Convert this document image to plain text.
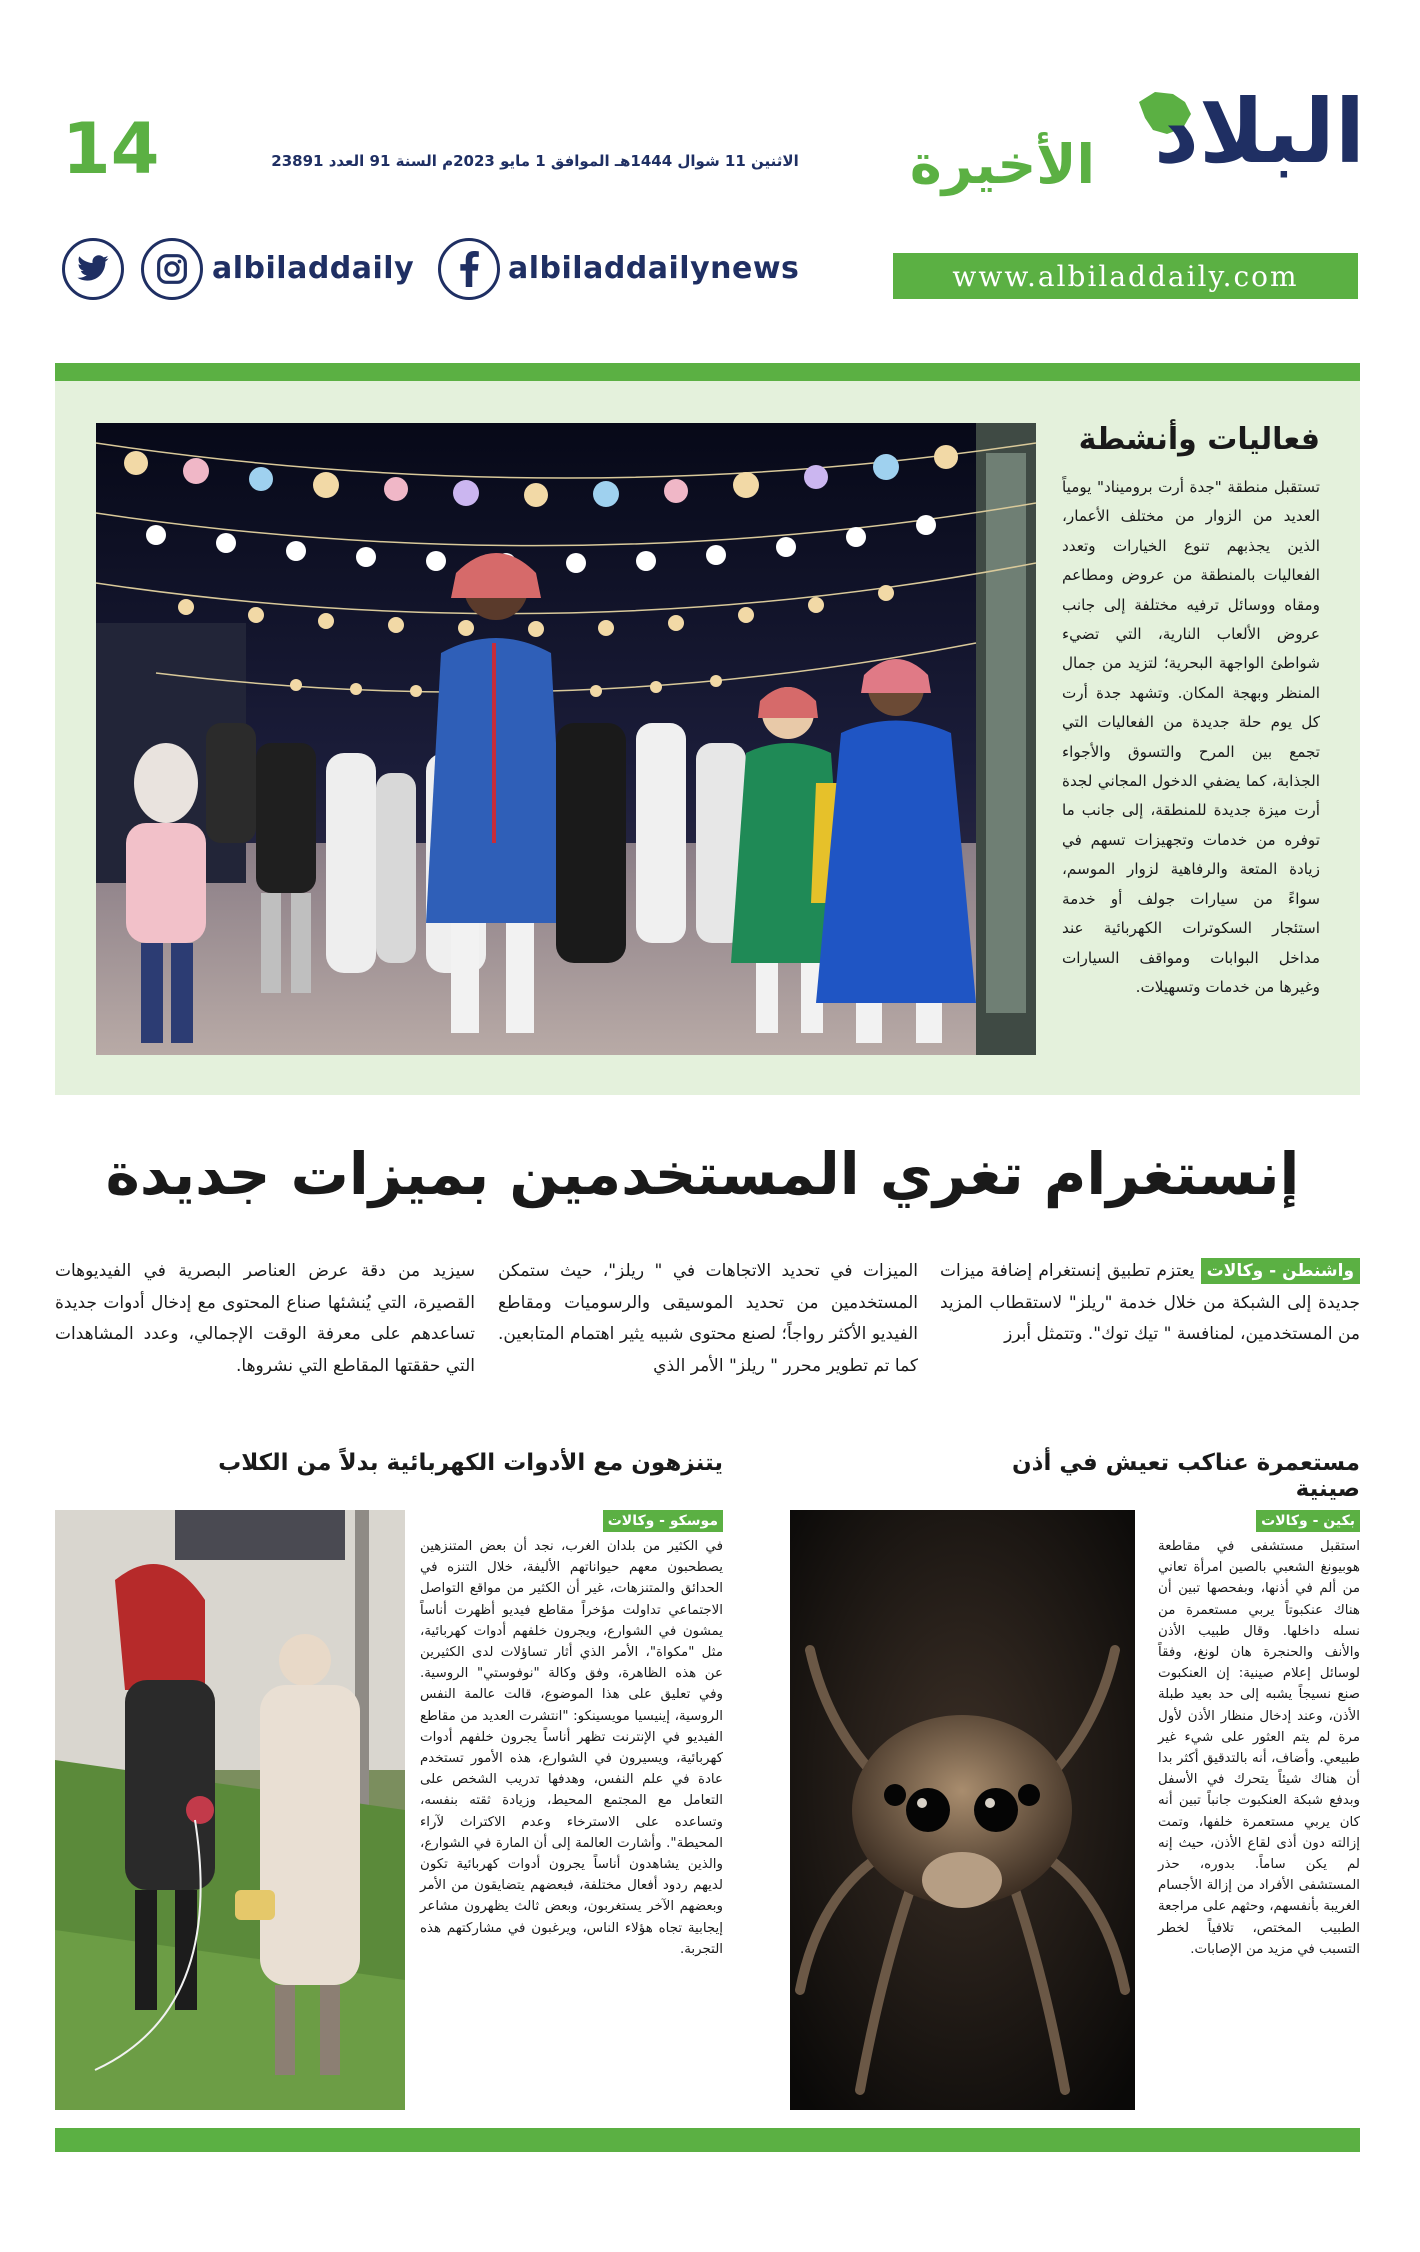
14	الاثنين 11 شوال 1444هـ الموافق 1 مايو 2023م السنة 91 العدد 23891	البلاد
الأخيرة
albiladdaily	albiladdailynews	www.albiladdaily.com
فعاليات وأنشطة
تستقبل منطقة "جدة أرت بروميناد" يومياً العديد من الزوار من مختلف الأعمار، الذين يجذبهم تنوع الخيارات وتعدد الفعاليات بالمنطقة من عروض ومطاعم ومقاه ووسائل ترفيه مختلفة إلى جانب عروض الألعاب النارية، التي تضيء شواطئ الواجهة البحرية؛ لتزيد من جمال المنظر وبهجة المكان. وتشهد جدة أرت كل يوم حلة جديدة من الفعاليات التي تجمع بين المرح والتسوق والأجواء الجذابة، كما يضفي الدخول المجاني لجدة أرت ميزة جديدة للمنطقة، إلى جانب ما توفره من خدمات وتجهيزات تسهم في زيادة المتعة والرفاهية لزوار الموسم، سواءً من سيارات جولف أو خدمة استئجار السكوترات الكهربائية عند مداخل البوابات ومواقف السيارات وغيرها من خدمات وتسهيلات.
إنستغرام تغري المستخدمين بميزات جديدة
واشنطن - وكالات يعتزم تطبيق إنستغرام إضافة ميزات جديدة إلى الشبكة من خلال خدمة "ريلز" لاستقطاب المزيد من المستخدمين، لمنافسة " تيك توك". وتتمثل أبرز
الميزات في تحديد الاتجاهات في " ريلز"، حيث ستمكن المستخدمين من تحديد الموسيقى والرسوميات ومقاطع الفيديو الأكثر رواجاً؛ لصنع محتوى شبيه يثير اهتمام المتابعين. كما تم تطوير محرر " ريلز" الأمر الذي
سيزيد من دقة عرض العناصر البصرية في الفيديوهات القصيرة، التي يُنشئها صناع المحتوى مع إدخال أدوات جديدة تساعدهم على معرفة الوقت الإجمالي، وعدد المشاهدات التي حققتها المقاطع التي نشروها.
مستعمرة عناكب تعيش في أذن صينية
بكين - وكالات
استقبل مستشفى في مقاطعة هوبيونغ الشعبي بالصين امرأة تعاني من ألم في أذنها، وبفحصها تبين أن هناك عنكبوتاً يربي مستعمرة من نسله داخلها. وقال طبيب الأذن والأنف والحنجرة هان لونغ، وفقاً لوسائل إعلام صينية: إن العنكبوت صنع نسيجاً يشبه إلى حد بعيد طبلة الأذن، وعند إدخال منظار الأذن لأول مرة لم يتم العثور على شيء غير طبيعي. وأضاف، أنه بالتدقيق أكثر بدا أن هناك شيئاً يتحرك في الأسفل وبدفع شبكة العنكبوت جانباً تبين أنه كان يربي مستعمرة خلفها، وتمت إزالته دون أذى لقاع الأذن، حيث إنه لم يكن ساماً. بدوره، حذر المستشفى الأفراد من إزالة الأجسام الغريبة بأنفسهم، وحثهم على مراجعة الطبيب المختص، تلافياً لخطر التسبب في مزيد من الإصابات.
يتنزهون مع الأدوات الكهربائية بدلاً من الكلاب
موسكو - وكالات
في الكثير من بلدان الغرب، نجد أن بعض المتنزهين يصطحبون معهم حيواناتهم الأليفة، خلال التنزه في الحدائق والمتنزهات، غير أن الكثير من مواقع التواصل الاجتماعي تداولت مؤخراً مقاطع فيديو أظهرت أناساً يمشون في الشوارع، ويجرون خلفهم أدوات كهربائية، مثل "مكواة"، الأمر الذي أثار تساؤلات لدى الكثيرين عن هذه الظاهرة، وفق وكالة "نوفوستي" الروسية. وفي تعليق على هذا الموضوع، قالت عالمة النفس الروسية، إينيسيا مويسينكو: "انتشرت العديد من مقاطع الفيديو في الإنترنت تظهر أناساً يجرون خلفهم أدوات كهربائية، ويسيرون في الشوارع، هذه الأمور تستخدم عادة في علم النفس، وهدفها تدريب الشخص على التعامل مع المجتمع المحيط، وزيادة ثقته بنفسه، وتساعده على الاسترخاء وعدم الاكتراث لآراء المحيطة". وأشارت العالمة إلى أن المارة في الشوارع، والذين يشاهدون أناساً يجرون أدوات كهربائية تكون لديهم ردود أفعال مختلفة، فبعضهم يتضايقون من الأمر وبعضهم الآخر يستغربون، وبعض ثالث يظهرون مشاعر إيجابية تجاه هؤلاء الناس، ويرغبون في مشاركتهم هذه التجربة.
